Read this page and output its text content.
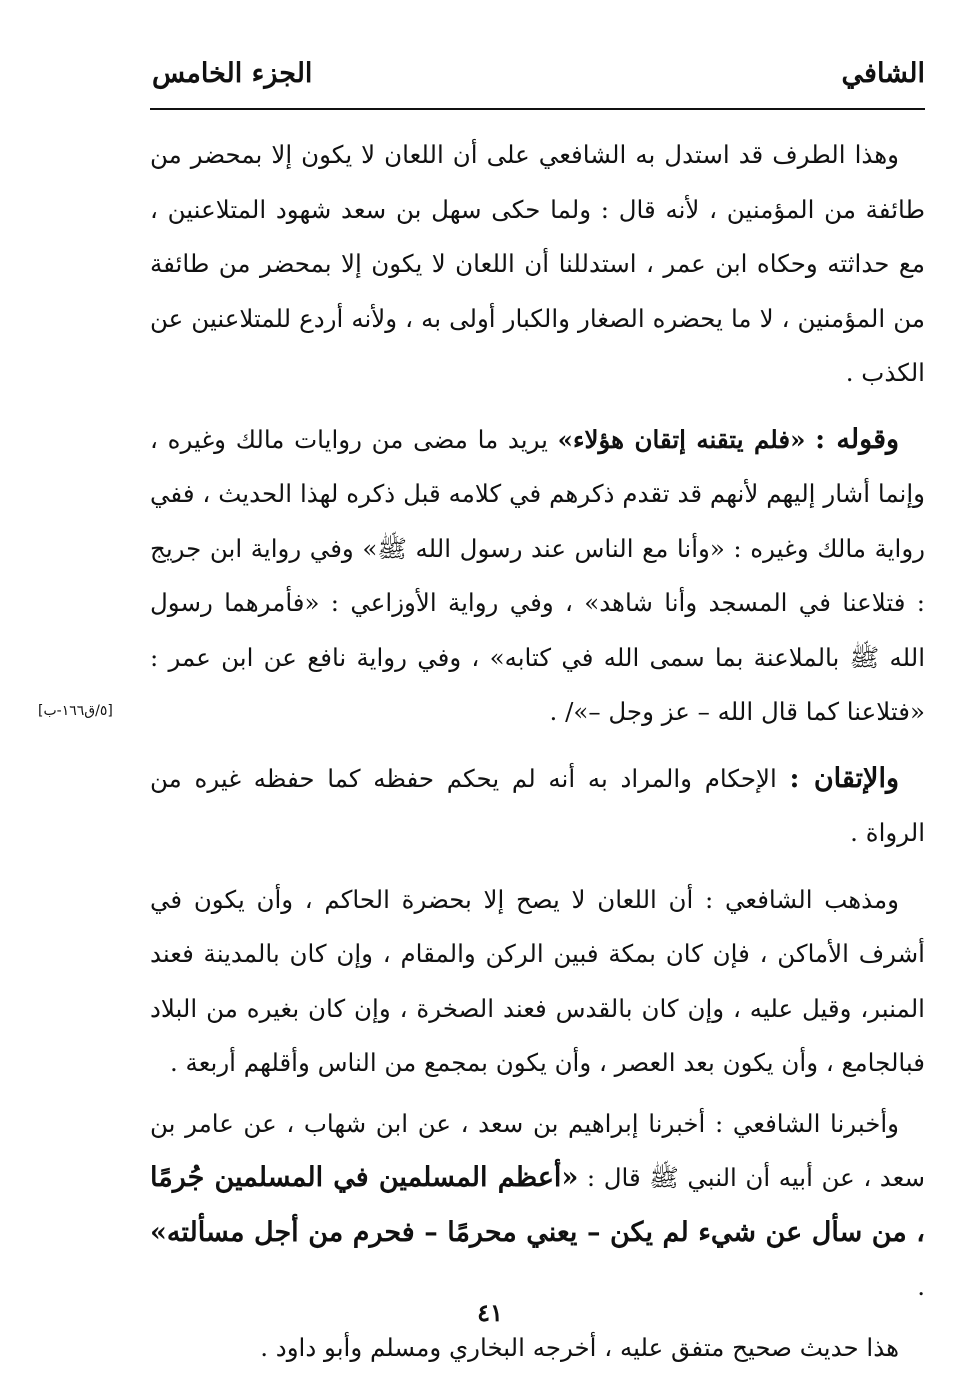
الشافي
الجزء الخامس
[٥/ق١٦٦-ب]

وهذا الطرف قد استدل به الشافعي على أن اللعان لا يكون إلا بمحضر من طائفة من المؤمنين ، لأنه قال : ولما حكى سهل بن سعد شهود المتلاعنين ، مع حداثته وحكاه ابن عمر ، استدللنا أن اللعان لا يكون إلا بمحضر من طائفة من المؤمنين ، لا ما يحضره الصغار والكبار أولى به ، ولأنه أردع للمتلاعنين عن الكذب .

وقوله : «فلم يتقنه إتقان هؤلاء» يريد ما مضى من روايات مالك وغيره ، وإنما أشار إليهم لأنهم قد تقدم ذكرهم في كلامه قبل ذكره لهذا الحديث ، ففي رواية مالك وغيره : «وأنا مع الناس عند رسول الله ﷺ» وفي رواية ابن جريج : فتلاعنا في المسجد وأنا شاهد» ، وفي رواية الأوزاعي : «فأمرهما رسول الله ﷺ بالملاعنة بما سمى الله في كتابه» ، وفي رواية نافع عن ابن عمر : «فتلاعنا كما قال الله – عز وجل –»/ .

والإتقان : الإحكام والمراد به أنه لم يحكم حفظه كما حفظه غيره من الرواة .

ومذهب الشافعي : أن اللعان لا يصح إلا بحضرة الحاكم ، وأن يكون في أشرف الأماكن ، فإن كان بمكة فبين الركن والمقام ، وإن كان بالمدينة فعند المنبر، وقيل عليه ، وإن كان بالقدس فعند الصخرة ، وإن كان بغيره من البلاد فبالجامع ، وأن يكون بعد العصر ، وأن يكون بمجمع من الناس وأقلهم أربعة .

وأخبرنا الشافعي : أخبرنا إبراهيم بن سعد ، عن ابن شهاب ، عن عامر بن سعد ، عن أبيه أن النبي ﷺ قال : «أعظم المسلمين في المسلمين جُرمًا ، من سأل عن شيء لم يكن – يعني محرمًا – فحرم من أجل مسألته» .

هذا حديث صحيح متفق عليه ، أخرجه البخاري ومسلم وأبو داود .

٤١
